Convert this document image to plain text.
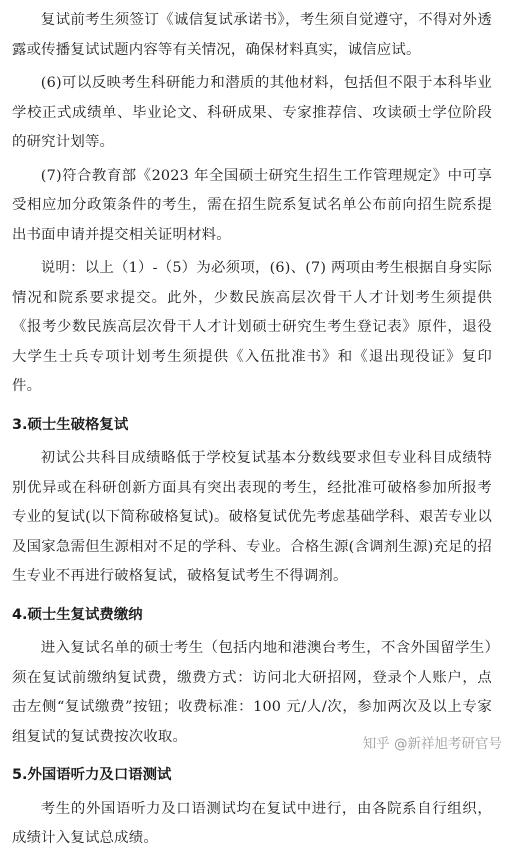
复试前考生须签订《诚信复试承诺书》，考生须自觉遵守，不得对外透露或传播复试试题内容等有关情况，确保材料真实，诚信应试。

(6)可以反映考生科研能力和潜质的其他材料，包括但不限于本科毕业学校正式成绩单、毕业论文、科研成果、专家推荐信、攻读硕士学位阶段的研究计划等。

(7)符合教育部《2023 年全国硕士研究生招生工作管理规定》中可享受相应加分政策条件的考生，需在招生院系复试名单公布前向招生院系提出书面申请并提交相关证明材料。

说明：以上（1）-（5）为必须项，(6)、(7) 两项由考生根据自身实际情况和院系要求提交。此外，少数民族高层次骨干人才计划考生须提供《报考少数民族高层次骨干人才计划硕士研究生考生登记表》原件，退役大学生士兵专项计划考生须提供《入伍批准书》和《退出现役证》复印件。

3.硕士生破格复试

初试公共科目成绩略低于学校复试基本分数线要求但专业科目成绩特别优异或在科研创新方面具有突出表现的考生，经批准可破格参加所报考专业的复试(以下简称破格复试)。破格复试优先考虑基础学科、艰苦专业以及国家急需但生源相对不足的学科、专业。合格生源(含调剂生源)充足的招生专业不再进行破格复试，破格复试考生不得调剂。

4.硕士生复试费缴纳

进入复试名单的硕士考生（包括内地和港澳台考生，不含外国留学生）须在复试前缴纳复试费，缴费方式：访问北大研招网，登录个人账户，点击左侧“复试缴费”按钮；收费标准：100 元/人/次，参加两次及以上专家组复试的复试费按次收取。

5.外国语听力及口语测试

考生的外国语听力及口语测试均在复试中进行，由各院系自行组织，成绩计入复试总成绩。

知乎 @新祥旭考研官号
